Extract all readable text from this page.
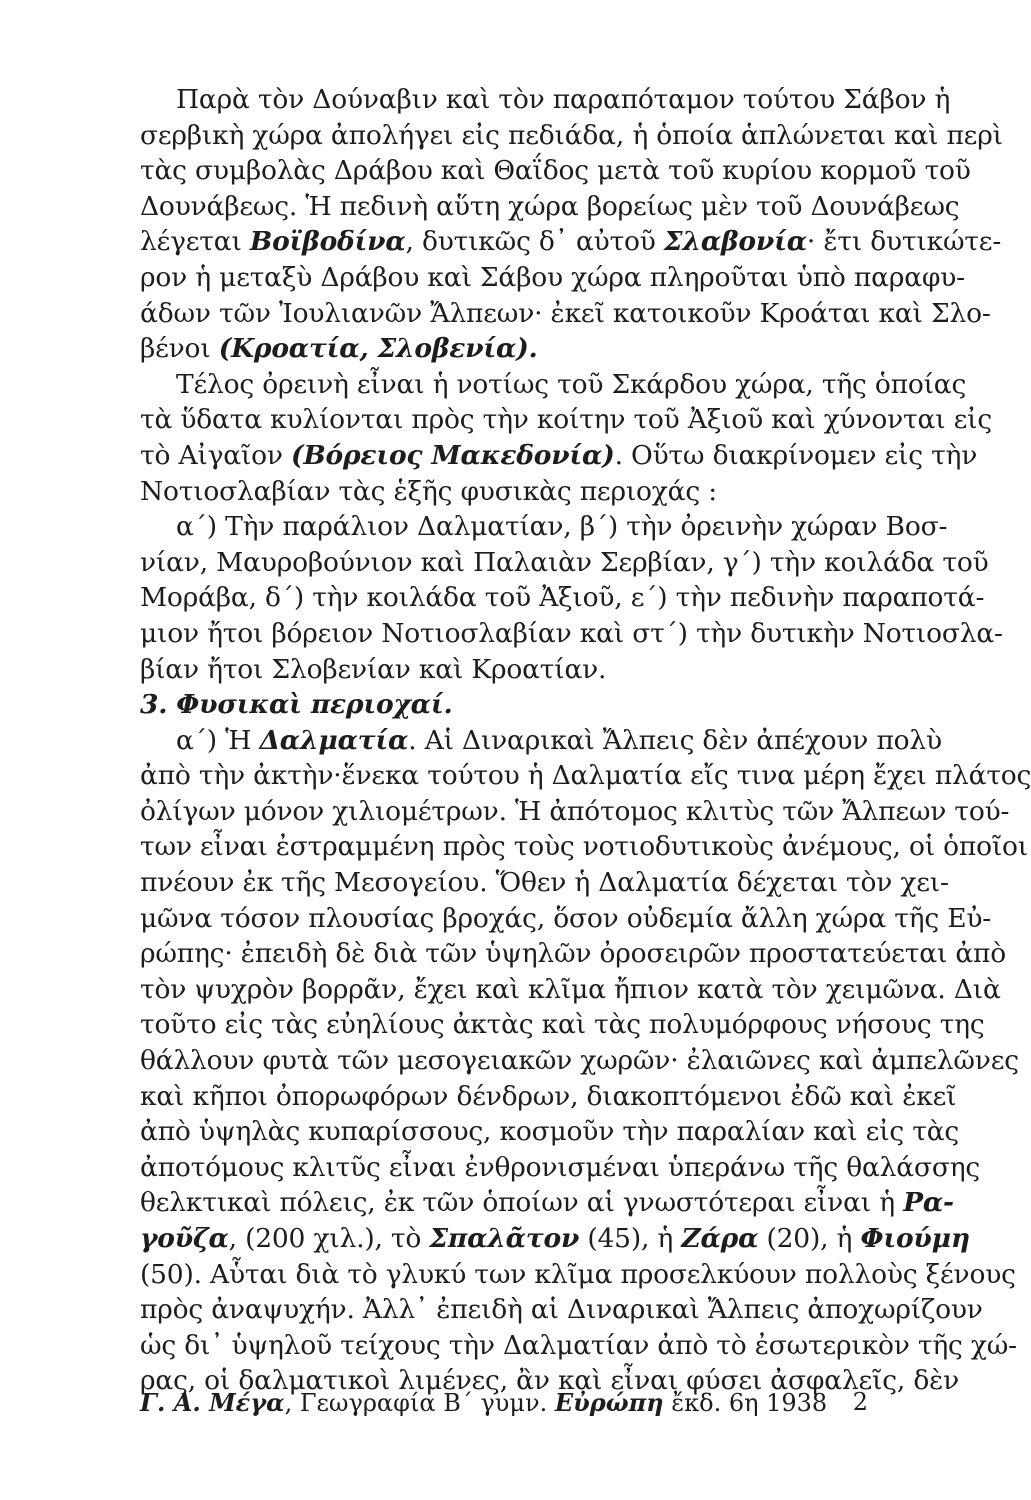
Παρὰ τὸν Δούναβιν καὶ τὸν παραπόταμον τούτου Σάβον ἡ
σερβικὴ χώρα ἀπολήγει εἰς πεδιάδα, ἡ ὁποία ἁπλώνεται καὶ περὶ
τὰς συμβολὰς Δράβου καὶ Θαΐδος μετὰ τοῦ κυρίου κορμοῦ τοῦ
Δουνάβεως. Ἡ πεδινὴ αὕτη χώρα βορείως μὲν τοῦ Δουνάβεως
λέγεται Βοϊβοδίνα, δυτικῶς δ᾿ αὐτοῦ Σλαβονία· ἔτι δυτικώτε-
ρον ἡ μεταξὺ Δράβου καὶ Σάβου χώρα πληροῦται ὑπὸ παραφυ-
άδων τῶν Ἰουλιανῶν Ἄλπεων· ἐκεῖ κατοικοῦν Κροάται καὶ Σλο-
βένοι (Κροατία, Σλοβενία).
Τέλος ὀρεινὴ εἶναι ἡ νοτίως τοῦ Σκάρδου χώρα, τῆς ὁποίας
τὰ ὕδατα κυλίονται πρὸς τὴν κοίτην τοῦ Ἀξιοῦ καὶ χύνονται εἰς
τὸ Αἰγαῖον (Βόρειος Μακεδονία). Οὕτω διακρίνομεν εἰς τὴν
Νοτιοσλαβίαν τὰς ἑξῆς φυσικὰς περιοχάς :
α΄) Τὴν παράλιον Δαλματίαν, β΄) τὴν ὀρεινὴν χώραν Βοσ-
νίαν, Μαυροβούνιον καὶ Παλαιὰν Σερβίαν, γ΄) τὴν κοιλάδα τοῦ
Μοράβα, δ΄) τὴν κοιλάδα τοῦ Ἀξιοῦ, ε΄) τὴν πεδινὴν παραποτά-
μιον ἤτοι βόρειον Νοτιοσλαβίαν καὶ στ΄) τὴν δυτικὴν Νοτιοσλα-
βίαν ἤτοι Σλοβενίαν καὶ Κροατίαν.
3. Φυσικαὶ περιοχαί.
α΄) Ἡ Δαλματία. Αἱ Διναρικαὶ Ἄλπεις δὲν ἀπέχουν πολὺ
ἀπὸ τὴν ἀκτὴν·ἕνεκα τούτου ἡ Δαλματία εἴς τινα μέρη ἔχει πλάτος
ὀλίγων μόνον χιλιομέτρων. Ἡ ἀπότομος κλιτὺς τῶν Ἄλπεων τού-
των εἶναι ἐστραμμένη πρὸς τοὺς νοτιοδυτικοὺς ἀνέμους, οἱ ὁποῖοι
πνέουν ἐκ τῆς Μεσογείου. Ὅθεν ἡ Δαλματία δέχεται τὸν χει-
μῶνα τόσον πλουσίας βροχάς, ὅσον οὐδεμία ἄλλη χώρα τῆς Εὐ-
ρώπης· ἐπειδὴ δὲ διὰ τῶν ὑψηλῶν ὀροσειρῶν προστατεύεται ἀπὸ
τὸν ψυχρὸν βορρᾶν, ἔχει καὶ κλῖμα ἤπιον κατὰ τὸν χειμῶνα. Διὰ
τοῦτο εἰς τὰς εὐηλίους ἀκτὰς καὶ τὰς πολυμόρφους νήσους της
θάλλουν φυτὰ τῶν μεσογειακῶν χωρῶν· ἐλαιῶνες καὶ ἀμπελῶνες
καὶ κῆποι ὀπορωφόρων δένδρων, διακοπτόμενοι ἐδῶ καὶ ἐκεῖ
ἀπὸ ὑψηλὰς κυπαρίσσους, κοσμοῦν τὴν παραλίαν καὶ εἰς τὰς
ἀποτόμους κλιτῦς εἶναι ἐνθρονισμέναι ὑπεράνω τῆς θαλάσσης
θελκτικαὶ πόλεις, ἐκ τῶν ὁποίων αἱ γνωστότεραι εἶναι ἡ Ρα-
γοῦζα, (200 χιλ.), τὸ Σπαλᾶτον (45), ἡ Ζάρα (20), ἡ Φιούμη
(50). Αὗται διὰ τὸ γλυκύ των κλῖμα προσελκύουν πολλοὺς ξένους
πρὸς ἀναψυχήν. Ἀλλ᾿ ἐπειδὴ αἱ Διναρικαὶ Ἄλπεις ἀποχωρίζουν
ὡς δι᾿ ὑψηλοῦ τείχους τὴν Δαλματίαν ἀπὸ τὸ ἐσωτερικὸν τῆς χώ-
ρας, οἱ δαλματικοὶ λιμένες, ἂν καὶ εἶναι φύσει ἀσφαλεῖς, δὲν
Γ. Α. Μέγα, Γεωγραφία Β΄ γυμν. Εὐρώπη ἔκδ. 6η 1938 2
